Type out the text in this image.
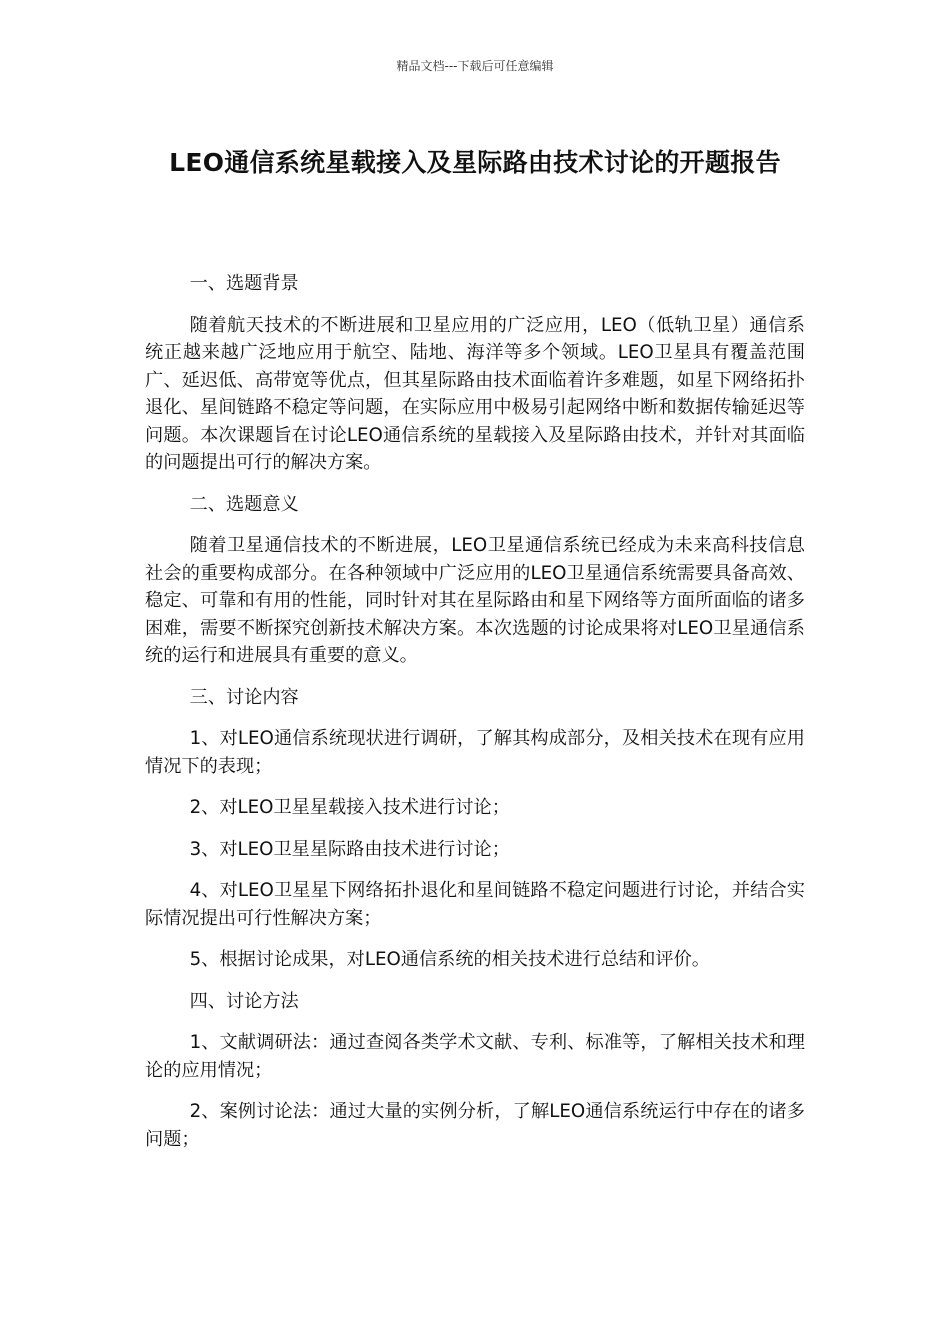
精品文档---下载后可任意编辑
LEO通信系统星载接入及星际路由技术讨论的开题报告

一、选题背景

随着航天技术的不断进展和卫星应用的广泛应用，LEO（低轨卫星）通信系统正越来越广泛地应用于航空、陆地、海洋等多个领域。LEO卫星具有覆盖范围广、延迟低、高带宽等优点，但其星际路由技术面临着许多难题，如星下网络拓扑退化、星间链路不稳定等问题，在实际应用中极易引起网络中断和数据传输延迟等问题。本次课题旨在讨论LEO通信系统的星载接入及星际路由技术，并针对其面临的问题提出可行的解决方案。

二、选题意义

随着卫星通信技术的不断进展，LEO卫星通信系统已经成为未来高科技信息社会的重要构成部分。在各种领域中广泛应用的LEO卫星通信系统需要具备高效、稳定、可靠和有用的性能，同时针对其在星际路由和星下网络等方面所面临的诸多困难，需要不断探究创新技术解决方案。本次选题的讨论成果将对LEO卫星通信系统的运行和进展具有重要的意义。

三、讨论内容

1、对LEO通信系统现状进行调研，了解其构成部分，及相关技术在现有应用情况下的表现；

2、对LEO卫星星载接入技术进行讨论；

3、对LEO卫星星际路由技术进行讨论；

4、对LEO卫星星下网络拓扑退化和星间链路不稳定问题进行讨论，并结合实际情况提出可行性解决方案；

5、根据讨论成果，对LEO通信系统的相关技术进行总结和评价。

四、讨论方法

1、文献调研法：通过查阅各类学术文献、专利、标准等，了解相关技术和理论的应用情况；

2、案例讨论法：通过大量的实例分析，了解LEO通信系统运行中存在的诸多问题；
